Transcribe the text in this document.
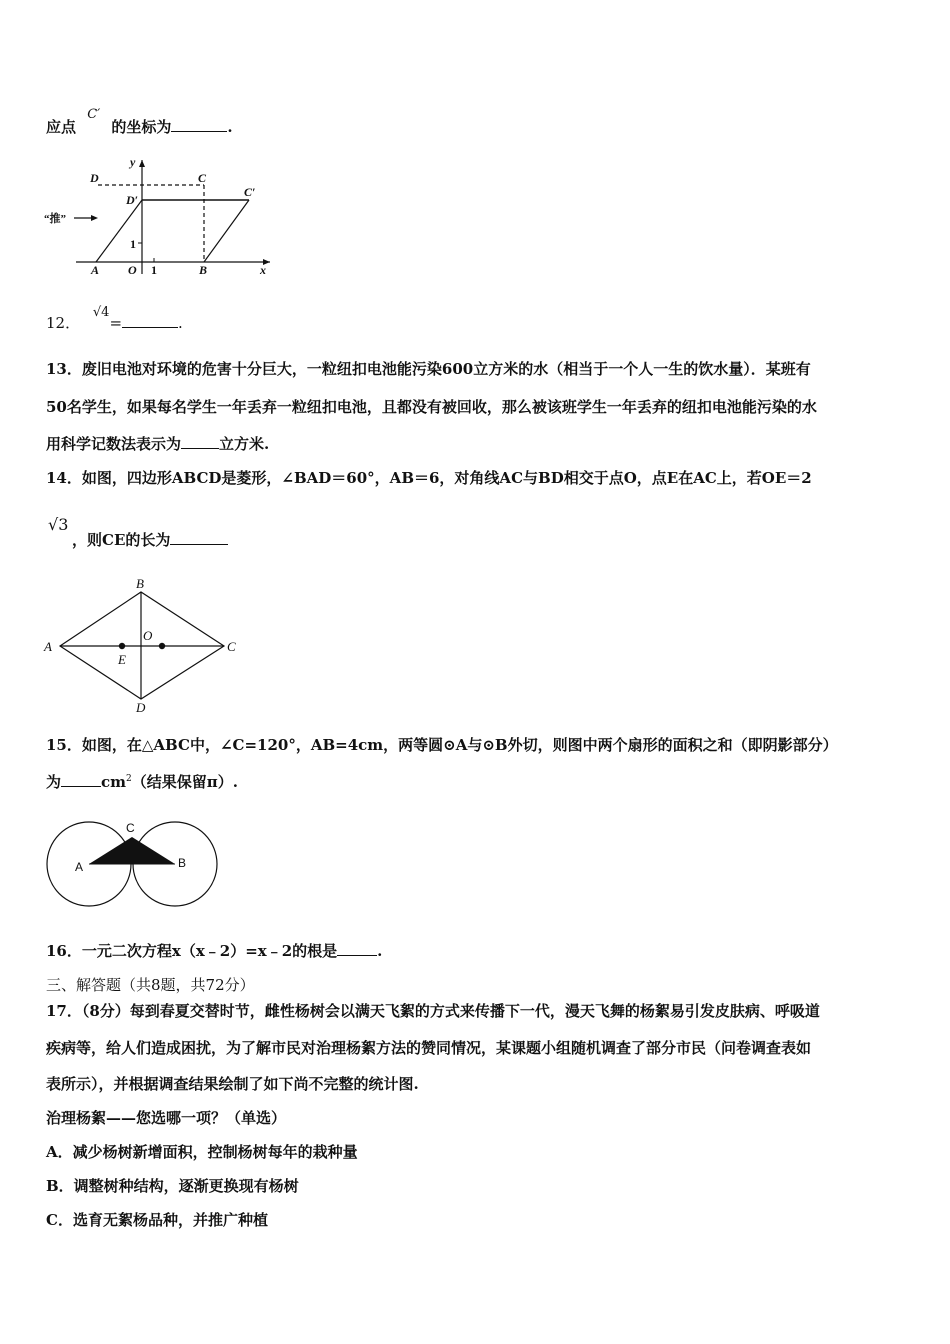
应点 C′ 的坐标为	.
D	C
y
D′
C′
“推”
1
A O 1	B	x
12． √4=	.
13．废旧电池对环境的危害十分巨大，一粒纽扣电池能污染600立方米的水（相当于一个人一生的饮水量）．某班有
50名学生，如果每名学生一年丢弃一粒纽扣电池，且都没有被回收，那么被该班学生一年丢弃的纽扣电池能污染的水
用科学记数法表示为	立方米.
14．如图，四边形ABCD是菱形，∠BAD＝60°，AB＝6，对角线AC与BD相交于点O，点E在AC上，若OE＝2
√3
，则CE的长为
B
A
O
C
E
D
15．如图，在△ABC中，∠C=120°，AB=4cm，两等圆⊙A与⊙B外切，则图中两个扇形的面积之和（即阴影部分）
为	$cm^2$（结果保留π）.
C
A	B
16．一元二次方程x（x﹣2）=x﹣2的根是	.
三、解答题（共8题，共72分）
17．（8分）每到春夏交替时节，雌性杨树会以满天飞絮的方式来传播下一代，漫天飞舞的杨絮易引发皮肤病、呼吸道
疾病等，给人们造成困扰，为了解市民对治理杨絮方法的赞同情况，某课题小组随机调查了部分市民（问卷调查表如
表所示），并根据调查结果绘制了如下尚不完整的统计图.
治理杨絮——您选哪一项？（单选）
A．减少杨树新增面积，控制杨树每年的栽种量
B．调整树种结构，逐渐更换现有杨树
C．选育无絮杨品种，并推广种植
